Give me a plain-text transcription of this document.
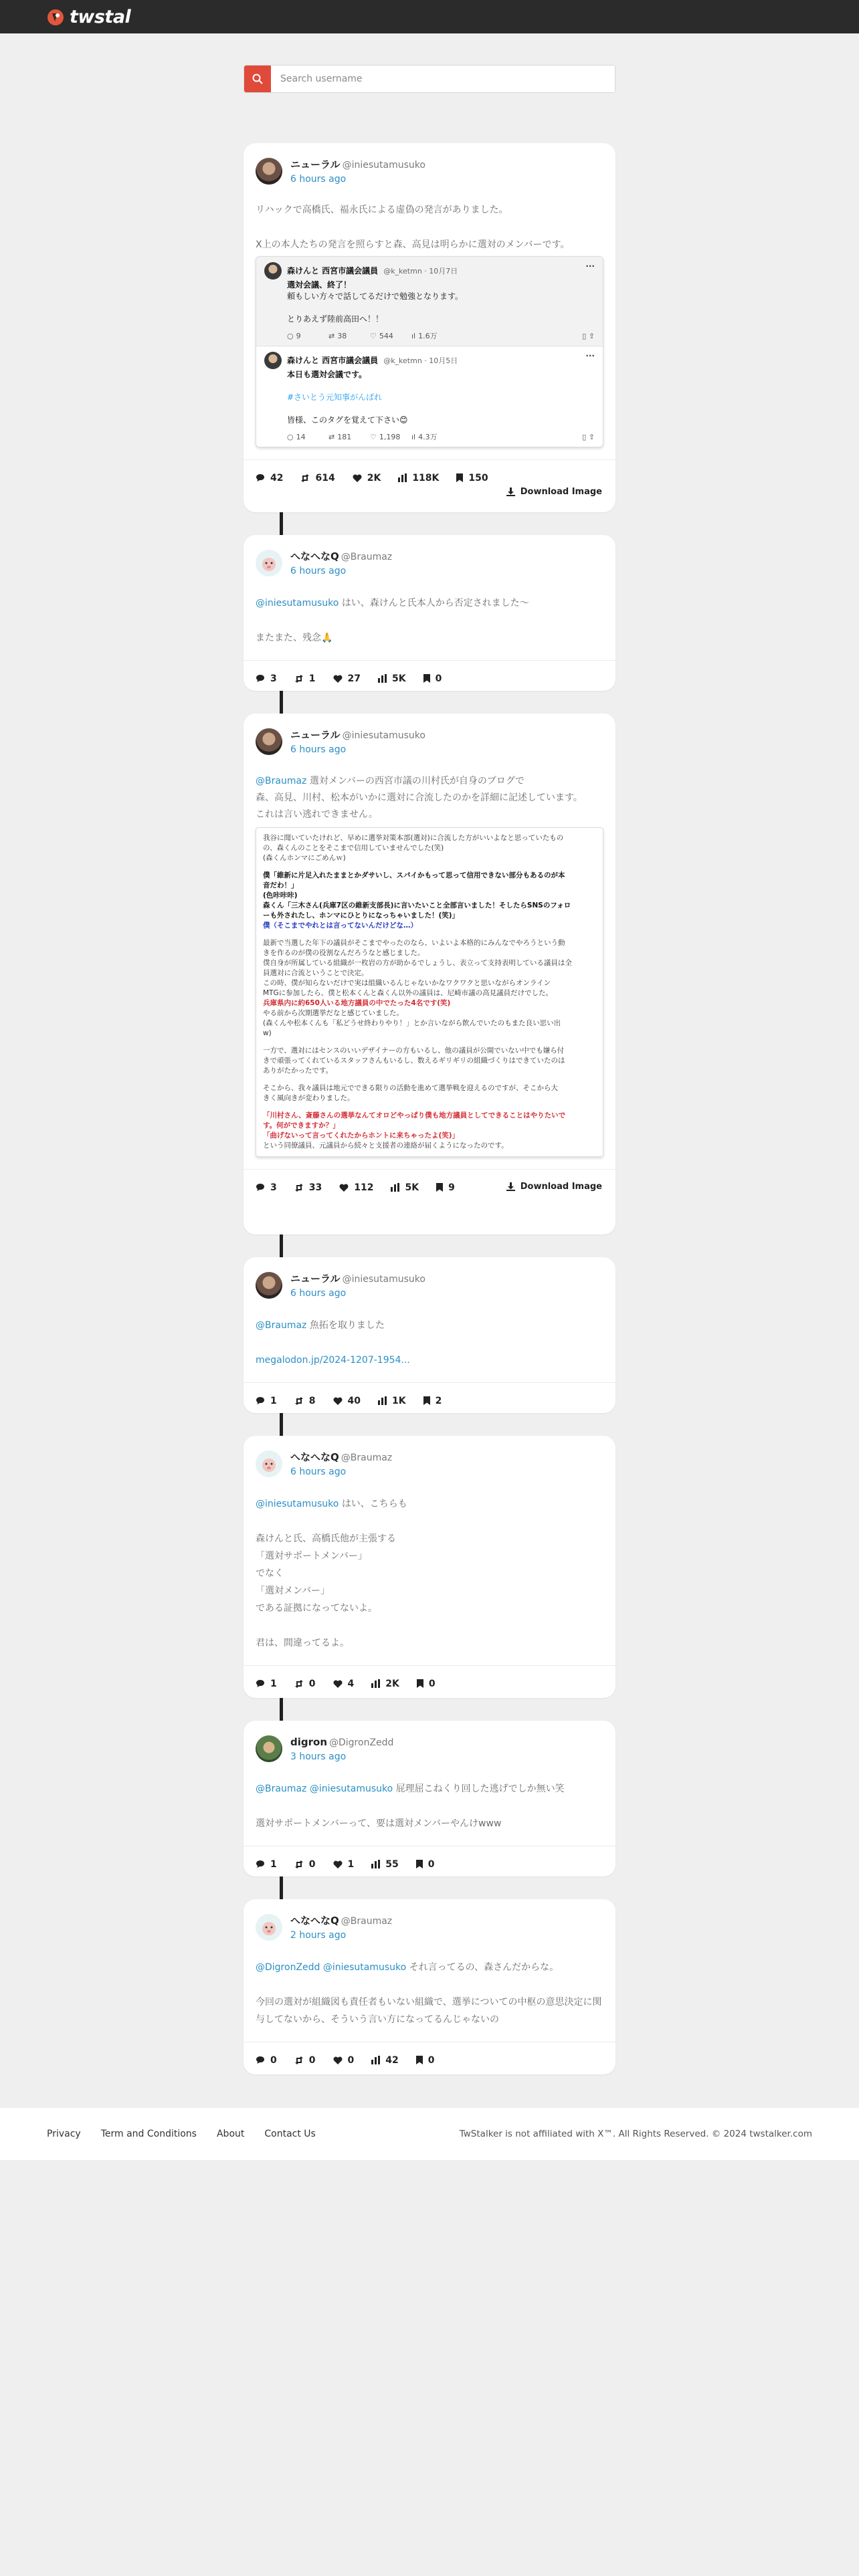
twstal
Search username
ニューラル @iniesutamusuko
6 hours ago

リハックで高橋氏、福永氏による虚偽の発言がありました。

X上の本人たちの発言を照らすと森、高見は明らかに選対のメンバーです。

森けんと 西宮市議会議員 @k_ketmn · 10月7日	···
選対会議、終了！
頼もしい方々で話してるだけで勉強となります。
とりあえず陸前高田へ！！
○ 9	⇄ 38	♡ 544 ıl 1.6万	▯ ⇪
森けんと 西宮市議会議員 @k_ketmn · 10月5日	···
本日も選対会議です。
#さいとう元知事がんばれ
皆様、このタグを覚えて下さい😊
○ 14	⇄ 181	♡ 1,198 ıl 4.3万	▯ ⇪
42	614	2K	118K	150
Download Image
へなへなQ @Braumaz
6 hours ago

@iniesutamusuko はい、森けんと氏本人から否定されました〜

またまた、残念🙏

3	1	27	5K	0
ニューラル @iniesutamusuko
6 hours ago

@Braumaz 選対メンバーの西宮市議の川村氏が自身のブログで

森、高見、川村、松本がいかに選対に合流したのかを詳細に記述しています。

これは言い逃れできません。

我谷に聞いていたけれど、早めに選挙対策本部(選対)に合流した方がいいよなと思っていたもの
の、森くんのことをそこまで信用していませんでした(笑)
(森くんホンマにごめんｗ)
僕「維新に片足入れたままとかダサいし、スパイかもって思って信用できない部分もあるのが本
音だわ！」
(色咔咔咔)
森くん「三木さん(兵庫7区の維新支部長)に言いたいこと全部言いました！そしたらSNSのフォロ
ーも外されたし、ホンマにひとりになっちゃいました！(笑)」
僕（そこまでやれとは言ってないんだけどな…）
最新で当選した年下の議員がそこまでやったのなら、いよいよ本格的にみんなでやろうという動
きを作るのが僕の役割なんだろうなと感じました。
僕自身が所属している組織が一枚岩の方が助かるでしょうし、表立って支持表明している議員は全
員選対に合流ということで決定。
この時、僕が知らないだけで実は組織いるんじゃないかなワクワクと思いながらオンライン
MTGに参加したら、僕と松本くんと森くん以外の議員は、尼崎市議の高見議員だけでした。
兵庫県内に約650人いる地方議員の中でたった4名です(笑)
やる前から次期選挙だなと感じていました。
(森くんや松本くんも「私どうせ終わりやり！」とか言いながら飲んでいたのもまた良い思い出
w)
一方で、選対にはセンスのいいデザイナーの方もいるし、他の議員が公開でいない中でも嫌ら付
きで頑張ってくれているスタッフさんもいるし、数えるギリギリの組織づくりはできていたのは
ありがたかったです。
そこから、我々議員は地元でできる限りの活動を進めて選挙戦を迎えるのですが、そこから大
きく風向きが変わりました。
「川村さん、斎藤さんの選挙なんてオロどやっぱり僕も地方議員としてできることはやりたいで
す。何ができますか？」
「曲げないって言ってくれたからホントに来ちゃったよ(笑)」
という同僚議員、元議員から続々と支援者の連絡が届くようになったのです。
3	33	112	5K	9	Download Image
ニューラル @iniesutamusuko
6 hours ago

@Braumaz 魚拓を取りました

megalodon.jp/2024-1207-1954...

1	8	40	1K	2
へなへなQ @Braumaz
6 hours ago

@iniesutamusuko はい、こちらも

森けんと氏、高橋氏他が主張する

「選対サポートメンバー」

でなく

「選対メンバー」

である証拠になってないよ。

君は、間違ってるよ。

1	0	4	2K	0
digron @DigronZedd
3 hours ago

@Braumaz @iniesutamusuko 屁理屈こねくり回した逃げでしか無い笑

選対サポートメンバーって、要は選対メンバーやんけwww

1	0	1	55	0
へなへなQ @Braumaz
2 hours ago

@DigronZedd @iniesutamusuko それ言ってるの、森さんだからな。

今回の選対が組織図も責任者もいない組織で、選挙についての中枢の意思決定に関

与してないから、そういう言い方になってるんじゃないの

0	0	0	42	0
Privacy Term and Conditions About Contact Us	TwStalker is not affiliated with X™. All Rights Reserved. © 2024 twstalker.com
